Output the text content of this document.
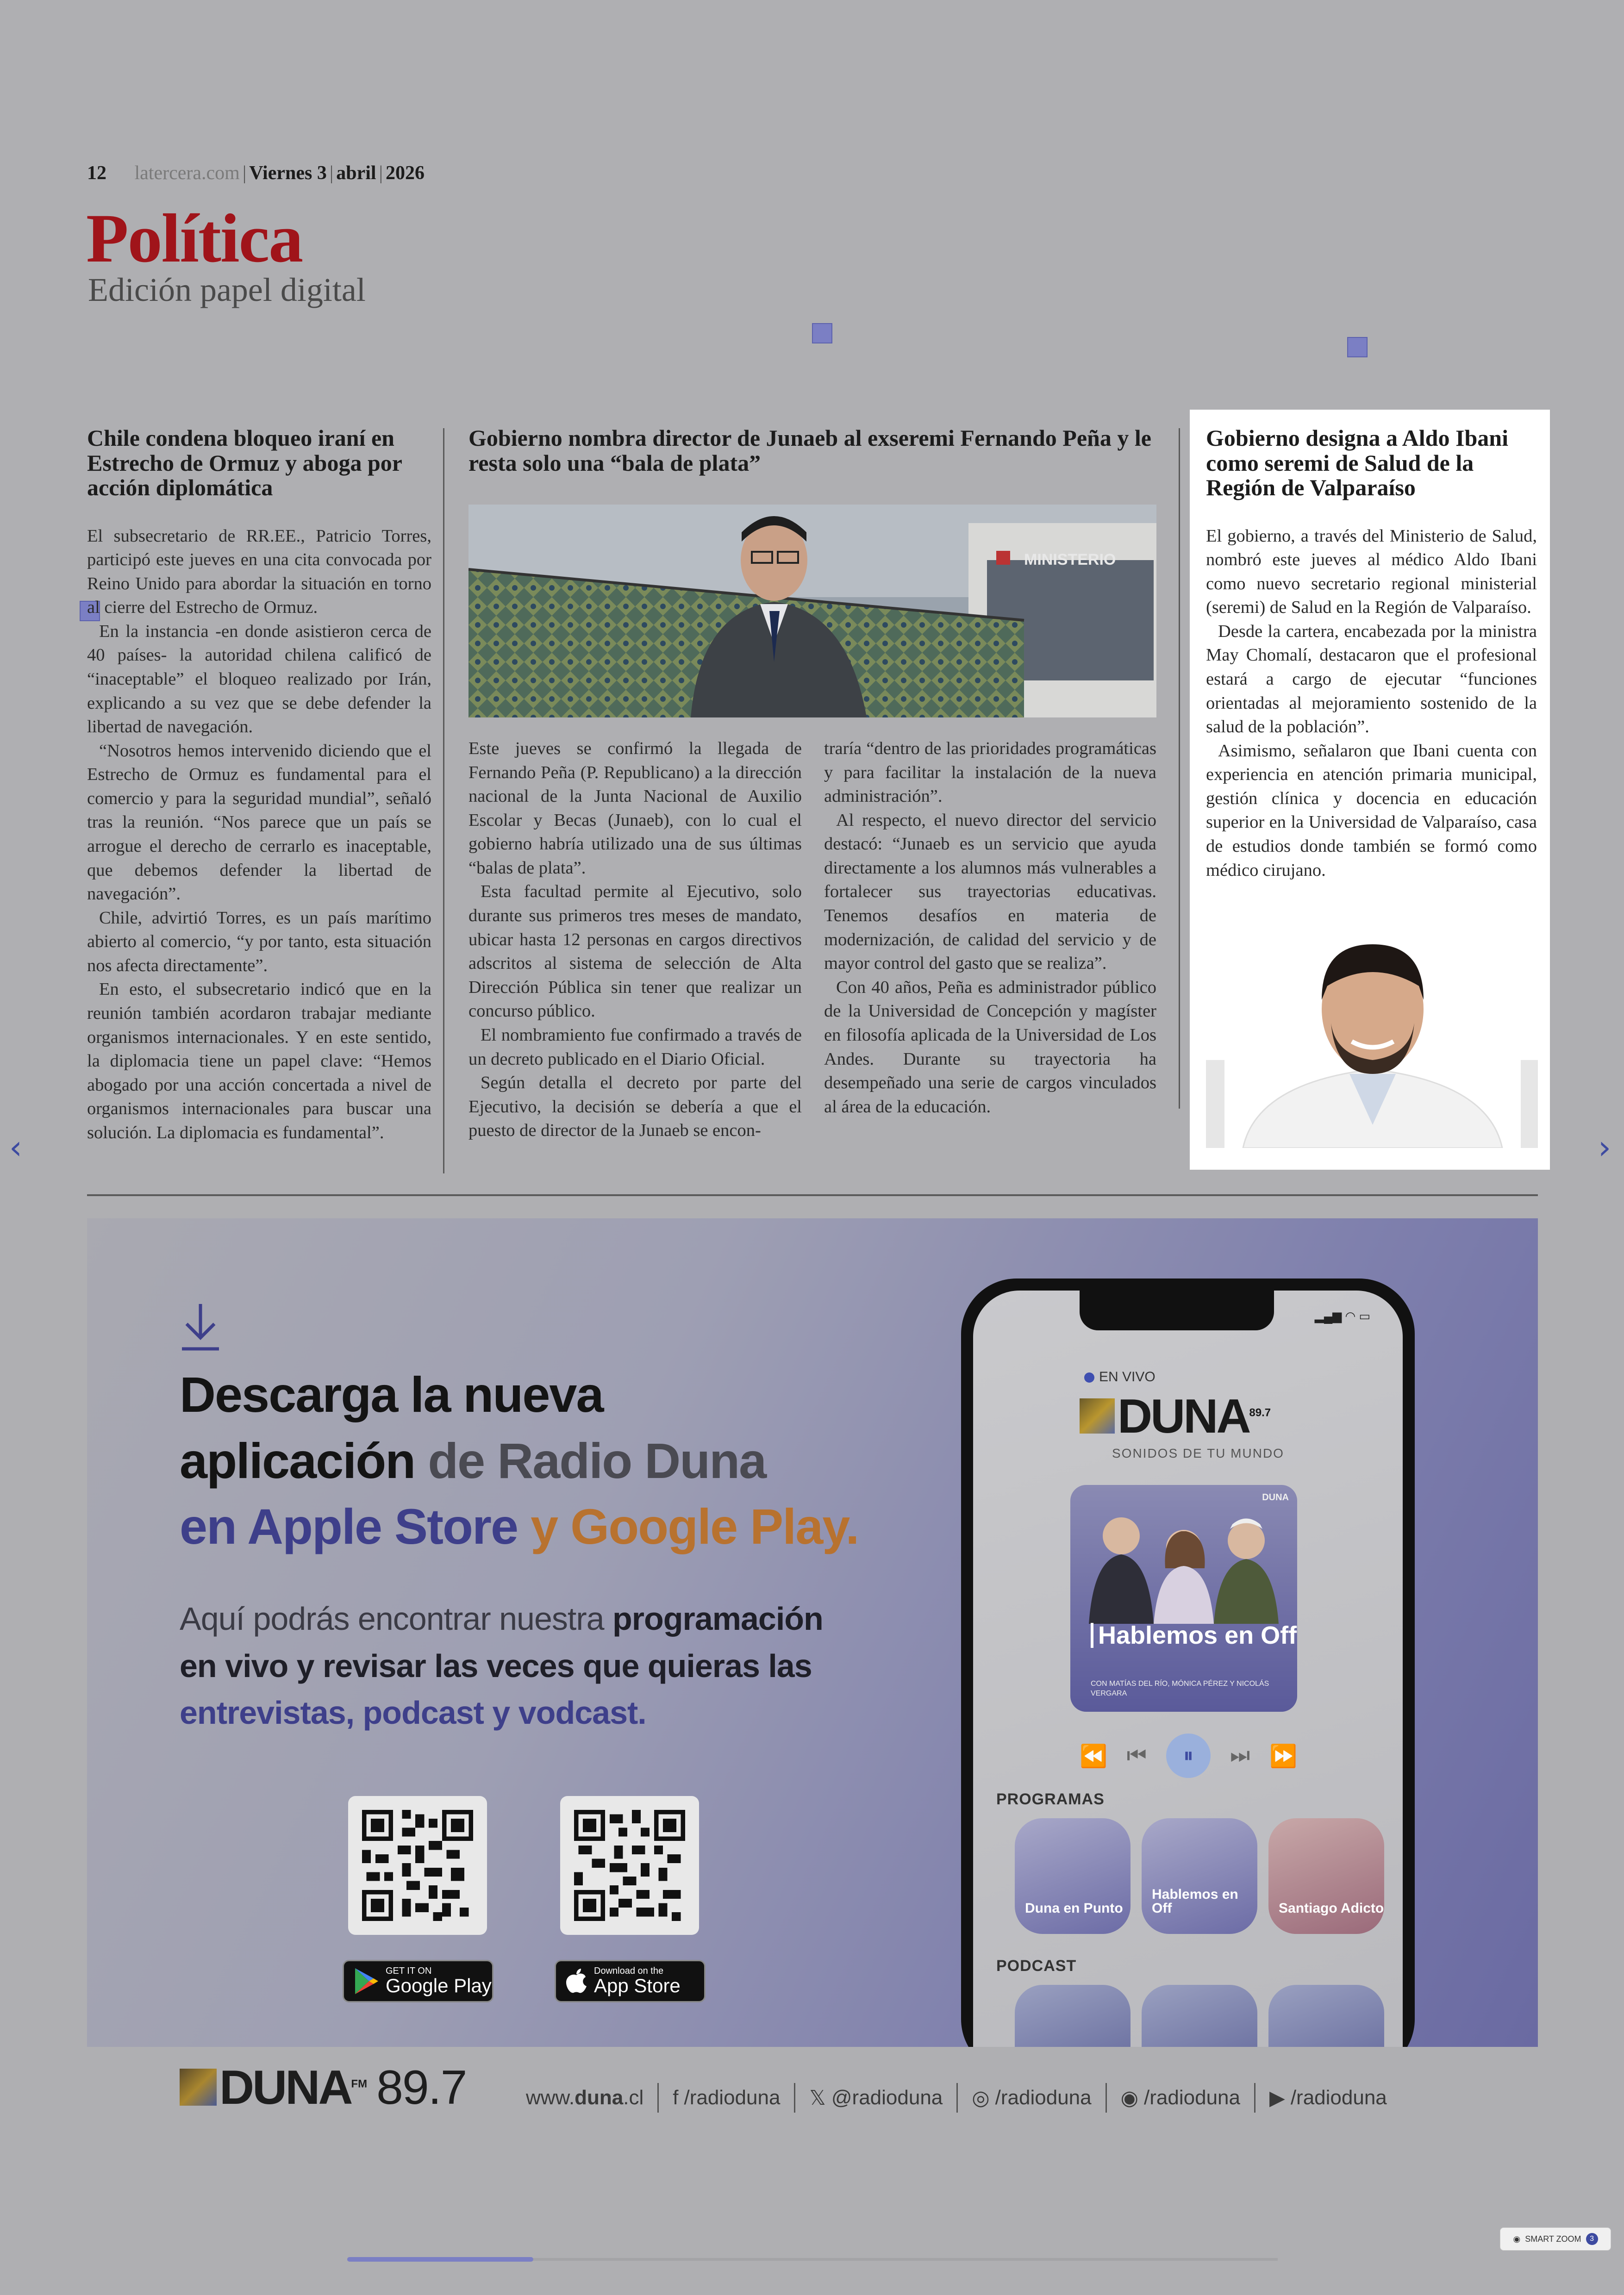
12 latercera.com | Viernes 3 | abril | 2026
Política
Edición papel digital
Chile condena bloqueo iraní en Estrecho de Ormuz y aboga por acción diplomática

El subsecretario de RR.EE., Patricio Torres, participó este jueves en una cita convocada por Reino Unido para abordar la situación en torno al cierre del Estrecho de Ormuz.

En la instancia -en donde asistieron cerca de 40 países- la autoridad chilena calificó de “inaceptable” el bloqueo realizado por Irán, explicando a su vez que se debe defender la libertad de navegación.

“Nosotros hemos intervenido diciendo que el Estrecho de Ormuz es fundamental para el comercio y para la seguridad mundial”, señaló tras la reunión. “Nos parece que un país se arrogue el derecho de cerrarlo es inaceptable, que debemos defender la libertad de navegación”.

Chile, advirtió Torres, es un país marítimo abierto al comercio, “y por tanto, esta situación nos afecta directamente”.

En esto, el subsecretario indicó que en la reunión también acordaron trabajar mediante organismos internacionales. Y en este sentido, la diplomacia tiene un papel clave: “Hemos abogado por una acción concertada a nivel de organismos internacionales para buscar una solución. La diplomacia es fundamental”.

Gobierno nombra director de Junaeb al exseremi Fernando Peña y le resta solo una “bala de plata”
MINISTERIO

Este jueves se confirmó la llegada de Fernando Peña (P. Republicano) a la dirección nacional de la Junta Nacional de Auxilio Escolar y Becas (Junaeb), con lo cual el gobierno habría utilizado una de sus últimas “balas de plata”.

Esta facultad permite al Ejecutivo, solo durante sus primeros tres meses de mandato, ubicar hasta 12 personas en cargos directivos adscritos al sistema de selección de Alta Dirección Pública sin tener que realizar un concurso público.

El nombramiento fue confirmado a través de un decreto publicado en el Diario Oficial.

Según detalla el decreto por parte del Ejecutivo, la decisión se debería a que el puesto de director de la Junaeb se encon-

traría “dentro de las prioridades programáticas y para facilitar la instalación de la nueva administración”.

Al respecto, el nuevo director del servicio destacó: “Junaeb es un servicio que ayuda directamente a los alumnos más vulnerables a fortalecer sus trayectorias educativas. Tenemos desafíos en materia de modernización, de calidad del servicio y de mayor control del gasto que se realiza”.

Con 40 años, Peña es administrador público de la Universidad de Concepción y magíster en filosofía aplicada de la Universidad de Los Andes. Durante su trayectoria ha desempeñado una serie de cargos vinculados al área de la educación.

Gobierno designa a Aldo Ibani como seremi de Salud de la Región de Valparaíso

El gobierno, a través del Ministerio de Salud, nombró este jueves al médico Aldo Ibani como nuevo secretario regional ministerial (seremi) de Salud en la Región de Valparaíso.

Desde la cartera, encabezada por la ministra May Chomalí, destacaron que el profesional estará a cargo de ejecutar “funciones orientadas al mejoramiento sostenido de la salud de la población”.

Asimismo, señalaron que Ibani cuenta con experiencia en atención primaria municipal, gestión clínica y docencia en educación superior en la Universidad de Valparaíso, casa de estudios donde también se formó como médico cirujano.

Descarga la nueva
aplicación de Radio Duna
en Apple Store y Google Play.
Aquí podrás encontrar nuestra programación
en vivo y revisar las veces que quieras las
entrevistas, podcast y vodcast.
GET IT ON
Google Play
Download on the
App Store
▂▄▆ ◠ ▭
EN VIVO
$DUNA^{89.7}$
SONIDOS DE TU MUNDO
DUNA
Hablemos en Off
CON MATÍAS DEL RÍO, MÓNICA PÉREZ Y NICOLÁS VERGARA
⏪ ⏮	⏸	⏭ ⏩
PROGRAMAS
Duna en Punto
Hablemos en Off	Santiago Adicto
PODCAST
$DUNA^{FM}$ 89.7	www. duna .cl f /radioduna 𝕏 @radioduna ◎ /radioduna ◉ /radioduna ▶ /radioduna
‹	›
◉ SMART ZOOM	3
